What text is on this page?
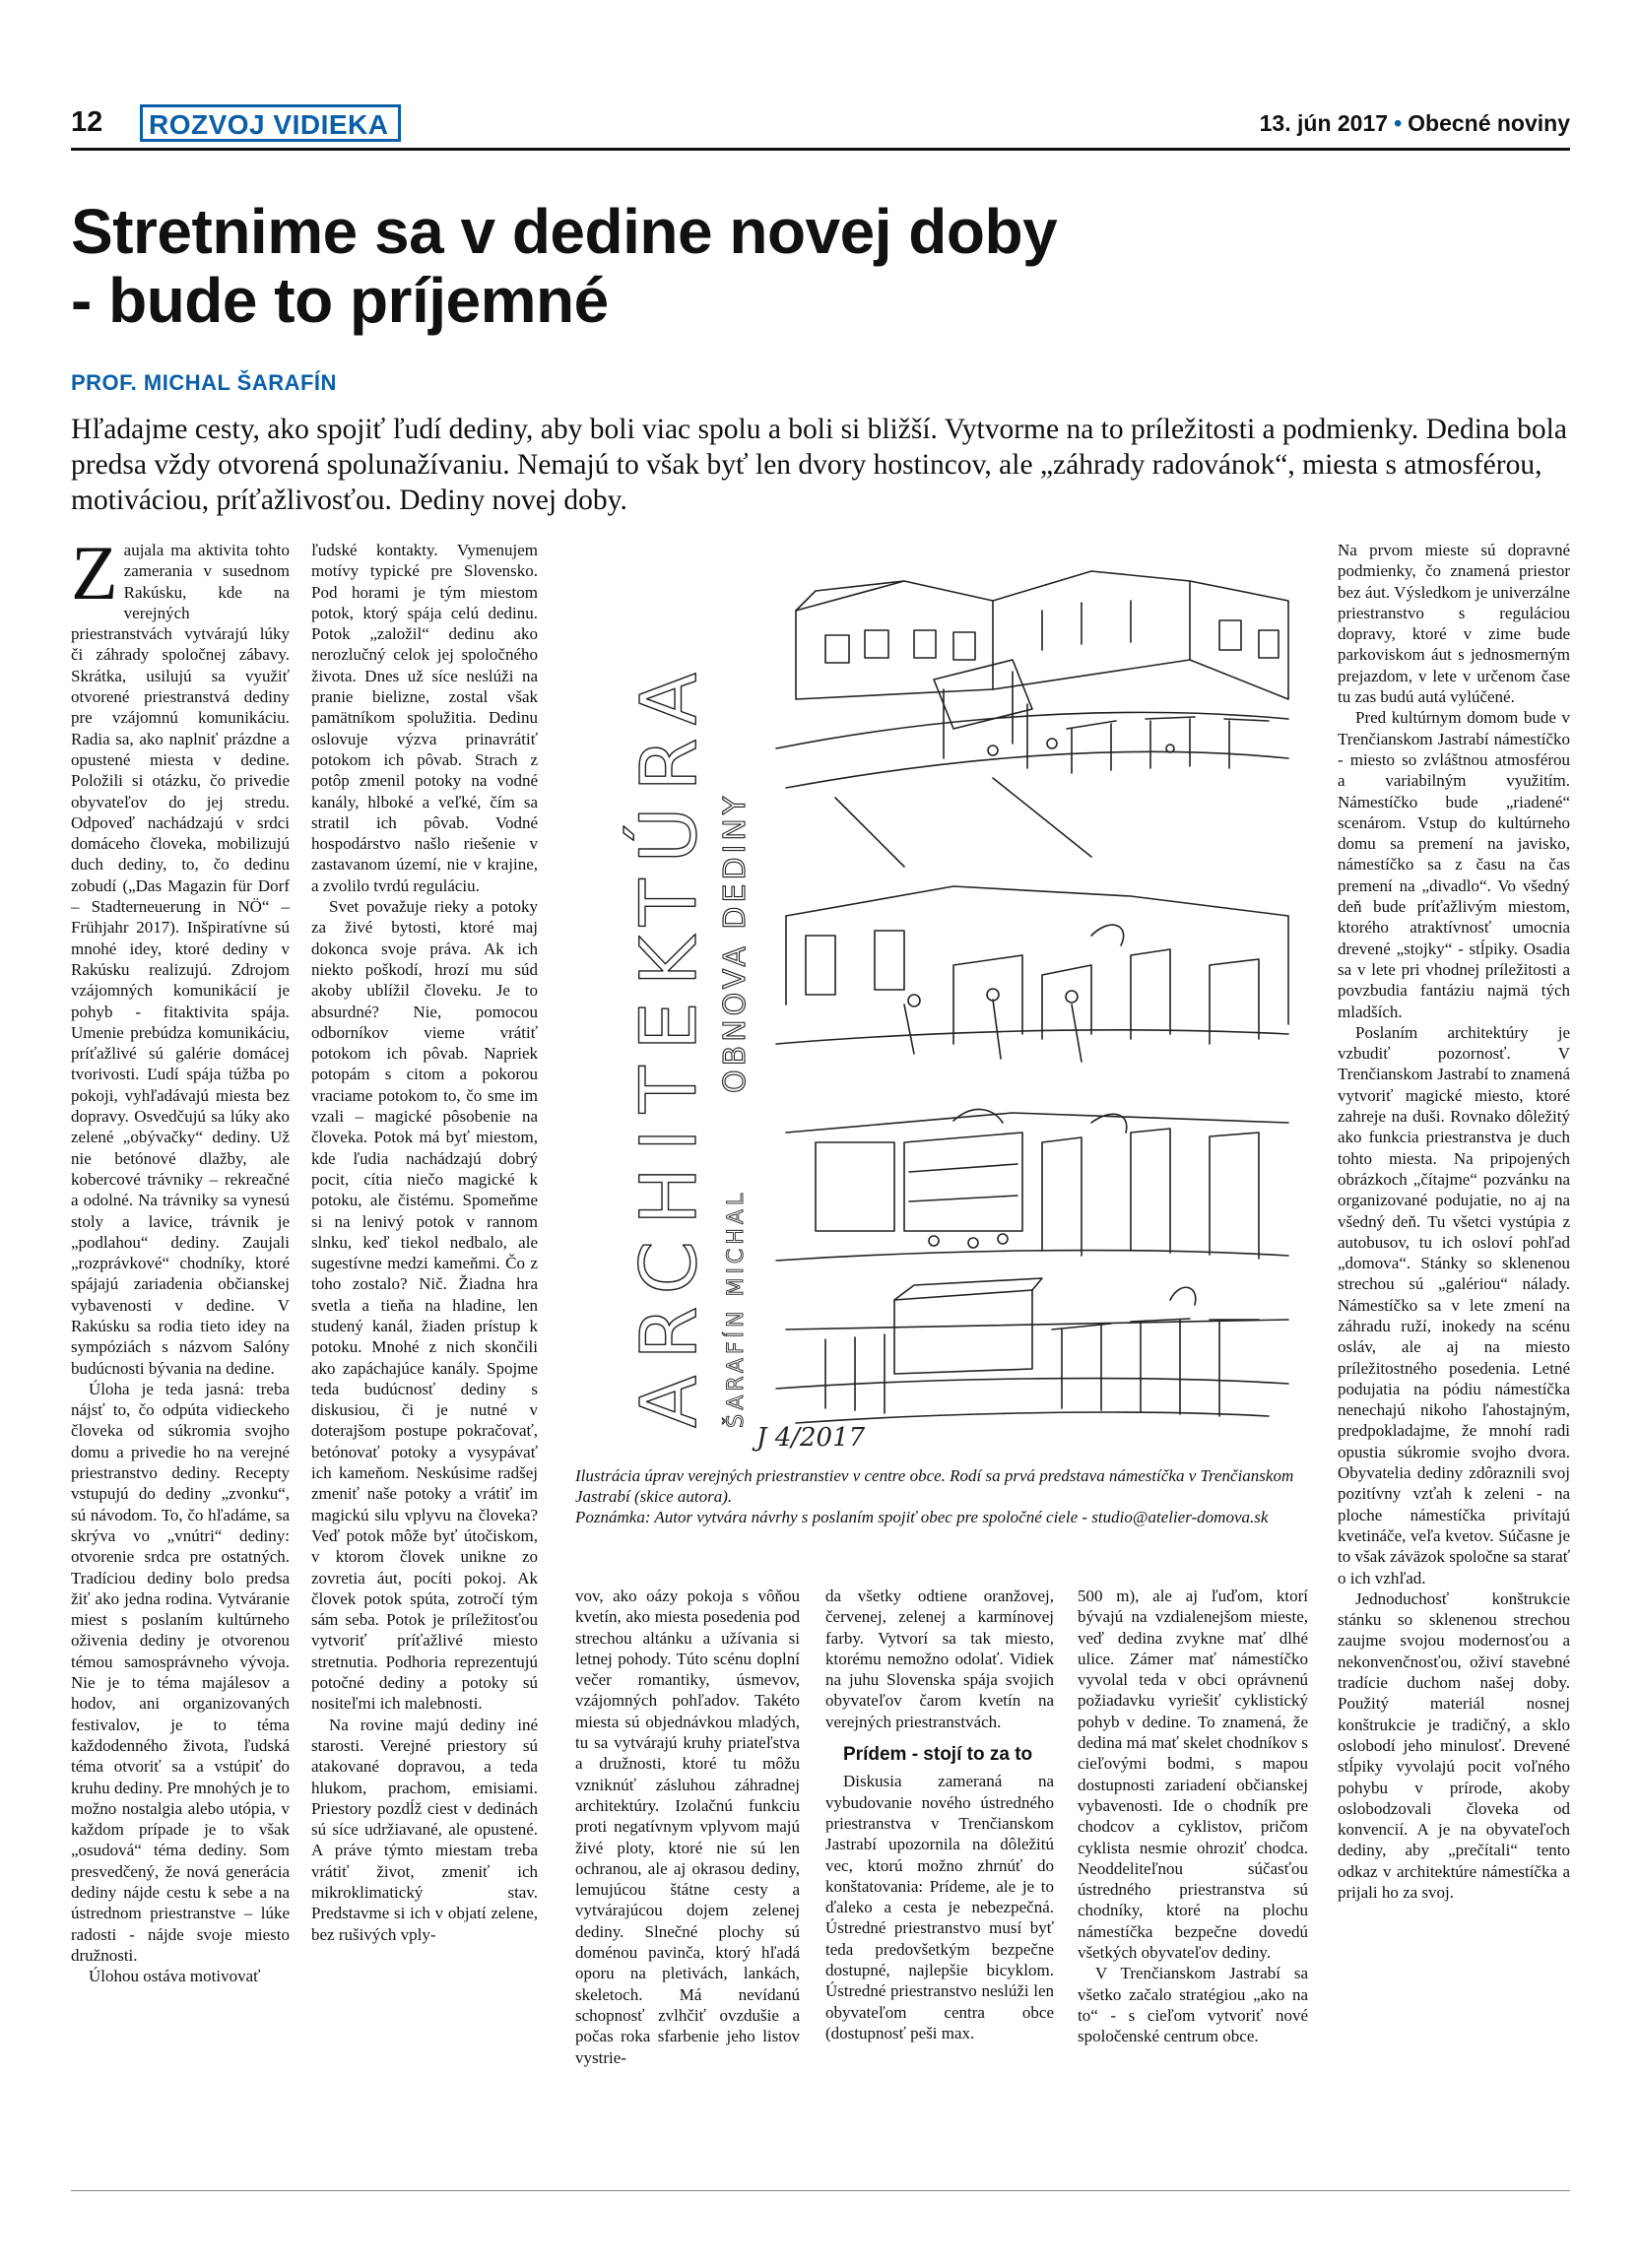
12	ROZVOJ VIDIEKA	13. jún 2017 • Obecné noviny
Stretnime sa v dedine novej doby
- bude to príjemné
PROF. MICHAL ŠARAFÍN
Hľadajme cesty, ako spojiť ľudí dediny, aby boli viac spolu a boli si bližší. Vytvorme na to príležitosti a podmienky. Dedina bola predsa vždy otvorená spolunažívaniu. Nemajú to však byť len dvory hostincov, ale „záhrady radovánok“, miesta s atmosférou, motiváciou, príťažlivosťou. Dediny novej doby.

Zaujala ma aktivita tohto zamerania v susednom Rakúsku, kde na verejných priestranstvách vytvárajú lúky či záhrady spoločnej zábavy. Skrátka, usilujú sa využiť otvorené priestranstvá dediny pre vzájomnú komunikáciu. Radia sa, ako naplniť prázdne a opustené miesta v dedine. Položili si otázku, čo privedie obyvateľov do jej stredu. Odpoveď nachádzajú v srdci domáceho človeka, mobilizujú duch dediny, to, čo dedinu zobudí („Das Magazin für Dorf – Stadterneuerung in NÖ“ – Frühjahr 2017). Inšpiratívne sú mnohé idey, ktoré dediny v Rakúsku realizujú. Zdrojom vzájomných komunikácií je pohyb - fitaktivita spája. Umenie prebúdza komunikáciu, príťažlivé sú galérie domácej tvorivosti. Ľudí spája túžba po pokoji, vyhľadávajú miesta bez dopravy. Osvedčujú sa lúky ako zelené „obývačky“ dediny. Už nie betónové dlažby, ale kobercové trávniky – rekreačné a odolné. Na trávniky sa vynesú stoly a lavice, trávnik je „podlahou“ dediny. Zaujali „rozprávkové“ chodníky, ktoré spájajú zariadenia občianskej vybavenosti v dedine. V Rakúsku sa rodia tieto idey na sympóziách s názvom Salóny budúcnosti bývania na dedine.

Úloha je teda jasná: treba nájsť to, čo odpúta vidieckeho človeka od súkromia svojho domu a privedie ho na verejné priestranstvo dediny. Recepty vstupujú do dediny „zvonku“, sú návodom. To, čo hľadáme, sa skrýva vo „vnútri“ dediny: otvorenie srdca pre ostatných. Tradíciou dediny bolo predsa žiť ako jedna rodina. Vytváranie miest s poslaním kultúrneho oživenia dediny je otvorenou témou samosprávneho vývoja. Nie je to téma majálesov a hodov, ani organizovaných festivalov, je to téma každodenného života, ľudská téma otvoriť sa a vstúpiť do kruhu dediny. Pre mnohých je to možno nostalgia alebo utópia, v každom prípade je to však „osudová“ téma dediny. Som presvedčený, že nová generácia dediny nájde cestu k sebe a na ústrednom priestranstve – lúke radosti - nájde svoje miesto družnosti.

Úlohou ostáva motivovať

ľudské kontakty. Vymenujem motívy typické pre Slovensko. Pod horami je tým miestom potok, ktorý spája celú dedinu. Potok „založil“ dedinu ako nerozlučný celok jej spoločného života. Dnes už síce neslúži na pranie bielizne, zostal však pamätníkom spolužitia. Dedinu oslovuje výzva prinavrátiť potokom ich pôvab. Strach z potôp zmenil potoky na vodné kanály, hlboké a veľké, čím sa stratil ich pôvab. Vodné hospodárstvo našlo riešenie v zastavanom území, nie v krajine, a zvolilo tvrdú reguláciu.

Svet považuje rieky a potoky za živé bytosti, ktoré maj dokonca svoje práva. Ak ich niekto poškodí, hrozí mu súd akoby ublížil človeku. Je to absurdné? Nie, pomocou odborníkov vieme vrátiť potokom ich pôvab. Napriek potopám s citom a pokorou vraciame potokom to, čo sme im vzali – magické pôsobenie na človeka. Potok má byť miestom, kde ľudia nachádzajú dobrý pocit, cítia niečo magické k potoku, ale čistému. Spomeňme si na lenivý potok v rannom slnku, keď tiekol nedbalo, ale sugestívne medzi kameňmi. Čo z toho zostalo? Nič. Žiadna hra svetla a tieňa na hladine, len studený kanál, žiaden prístup k potoku. Mnohé z nich skončili ako zapáchajúce kanály. Spojme teda budúcnosť dediny s diskusiou, či je nutné v doterajšom postupe pokračovať, betónovať potoky a vysypávať ich kameňom. Neskúsime radšej zmeniť naše potoky a vrátiť im magickú silu vplyvu na človeka? Veď potok môže byť útočiskom, v ktorom človek unikne zo zovretia áut, pocíti pokoj. Ak človek potok spúta, zotročí tým sám seba. Potok je príležitosťou vytvoriť príťažlivé miesto stretnutia. Podhoria reprezentujú potočné dediny a potoky sú nositeľmi ich malebnosti.

Na rovine majú dediny iné starosti. Verejné priestory sú atakované dopravou, a teda hlukom, prachom, emisiami. Priestory pozdĺž ciest v dedinách sú síce udržiavané, ale opustené. A práve týmto miestam treba vrátiť život, zmeniť ich mikroklimatický stav. Predstavme si ich v objatí zelene, bez rušivých vply-

ARCHITEKTÚRA OBNOVA DEDINY
ŠARAFÍN MICHAL
J 4/2017
Ilustrácia úprav verejných priestranstiev v centre obce. Rodí sa prvá predstava námestíčka v Trenčianskom Jastrabí (skice autora).
Poznámka: Autor vytvára návrhy s poslaním spojiť obec pre spoločné ciele - studio@atelier-domova.sk

vov, ako oázy pokoja s vôňou kvetín, ako miesta posedenia pod strechou altánku a užívania si letnej pohody. Túto scénu doplní večer romantiky, úsmevov, vzájomných pohľadov. Takéto miesta sú objednávkou mladých, tu sa vytvárajú kruhy priateľstva a družnosti, ktoré tu môžu vzniknúť zásluhou záhradnej architektúry. Izolačnú funkciu proti negatívnym vplyvom majú živé ploty, ktoré nie sú len ochranou, ale aj okrasou dediny, lemujúcou štátne cesty a vytvárajúcou dojem zelenej dediny. Slnečné plochy sú doménou pavinča, ktorý hľadá oporu na pletivách, lankách, skeletoch. Má nevídanú schopnosť zvlhčiť ovzdušie a počas roka sfarbenie jeho listov vystrie-

da všetky odtiene oranžovej, červenej, zelenej a karmínovej farby. Vytvorí sa tak miesto, ktorému nemožno odolať. Vidiek na juhu Slovenska spája svojich obyvateľov čarom kvetín na verejných priestranstvách.

Prídem - stojí to za to

Diskusia zameraná na vybudovanie nového ústredného priestranstva v Trenčianskom Jastrabí upozornila na dôležitú vec, ktorú možno zhrnúť do konštatovania: Prídeme, ale je to ďaleko a cesta je nebezpečná. Ústredné priestranstvo musí byť teda predovšetkým bezpečne dostupné, najlepšie bicyklom. Ústredné priestranstvo neslúži len obyvateľom centra obce (dostupnosť peši max.

500 m), ale aj ľuďom, ktorí bývajú na vzdialenejšom mieste, veď dedina zvykne mať dlhé ulice. Zámer mať námestíčko vyvolal teda v obci oprávnenú požiadavku vyriešiť cyklistický pohyb v dedine. To znamená, že dedina má mať skelet chodníkov s cieľovými bodmi, s mapou dostupnosti zariadení občianskej vybavenosti. Ide o chodník pre chodcov a cyklistov, pričom cyklista nesmie ohroziť chodca. Neoddeliteľnou súčasťou ústredného priestranstva sú chodníky, ktoré na plochu námestíčka bezpečne dovedú všetkých obyvateľov dediny.

V Trenčianskom Jastrabí sa všetko začalo stratégiou „ako na to“ - s cieľom vytvoriť nové spoločenské centrum obce.

Na prvom mieste sú dopravné podmienky, čo znamená priestor bez áut. Výsledkom je univerzálne priestranstvo s reguláciou dopravy, ktoré v zime bude parkoviskom áut s jednosmerným prejazdom, v lete v určenom čase tu zas budú autá vylúčené.

Pred kultúrnym domom bude v Trenčianskom Jastrabí námestíčko - miesto so zvláštnou atmosférou a variabilným využitím. Námestíčko bude „riadené“ scenárom. Vstup do kultúrneho domu sa premení na javisko, námestíčko sa z času na čas premení na „divadlo“. Vo všedný deň bude príťažlivým miestom, ktorého atraktívnosť umocnia drevené „stojky“ - stĺpiky. Osadia sa v lete pri vhodnej príležitosti a povzbudia fantáziu najmä tých mladších.

Poslaním architektúry je vzbudiť pozornosť. V Trenčianskom Jastrabí to znamená vytvoriť magické miesto, ktoré zahreje na duši. Rovnako dôležitý ako funkcia priestranstva je duch tohto miesta. Na pripojených obrázkoch „čítajme“ pozvánku na organizované podujatie, no aj na všedný deň. Tu všetci vystúpia z autobusov, tu ich osloví pohľad „domova“. Stánky so sklenenou strechou sú „galériou“ nálady. Námestíčko sa v lete zmení na záhradu ruží, inokedy na scénu osláv, ale aj na miesto príležitostného posedenia. Letné podujatia na pódiu námestíčka nenechajú nikoho ľahostajným, predpokladajme, že mnohí radi opustia súkromie svojho dvora. Obyvatelia dediny zdôraznili svoj pozitívny vzťah k zeleni - na ploche námestíčka privítajú kvetináče, veľa kvetov. Súčasne je to však záväzok spoločne sa starať o ich vzhľad.

Jednoduchosť konštrukcie stánku so sklenenou strechou zaujme svojou modernosťou a nekonvenčnosťou, oživí stavebné tradície duchom našej doby. Použitý materiál nosnej konštrukcie je tradičný, a sklo oslobodí jeho minulosť. Drevené stĺpiky vyvolajú pocit voľného pohybu v prírode, akoby oslobodzovali človeka od konvencií. A je na obyvateľoch dediny, aby „prečítali“ tento odkaz v architektúre námestíčka a prijali ho za svoj.
